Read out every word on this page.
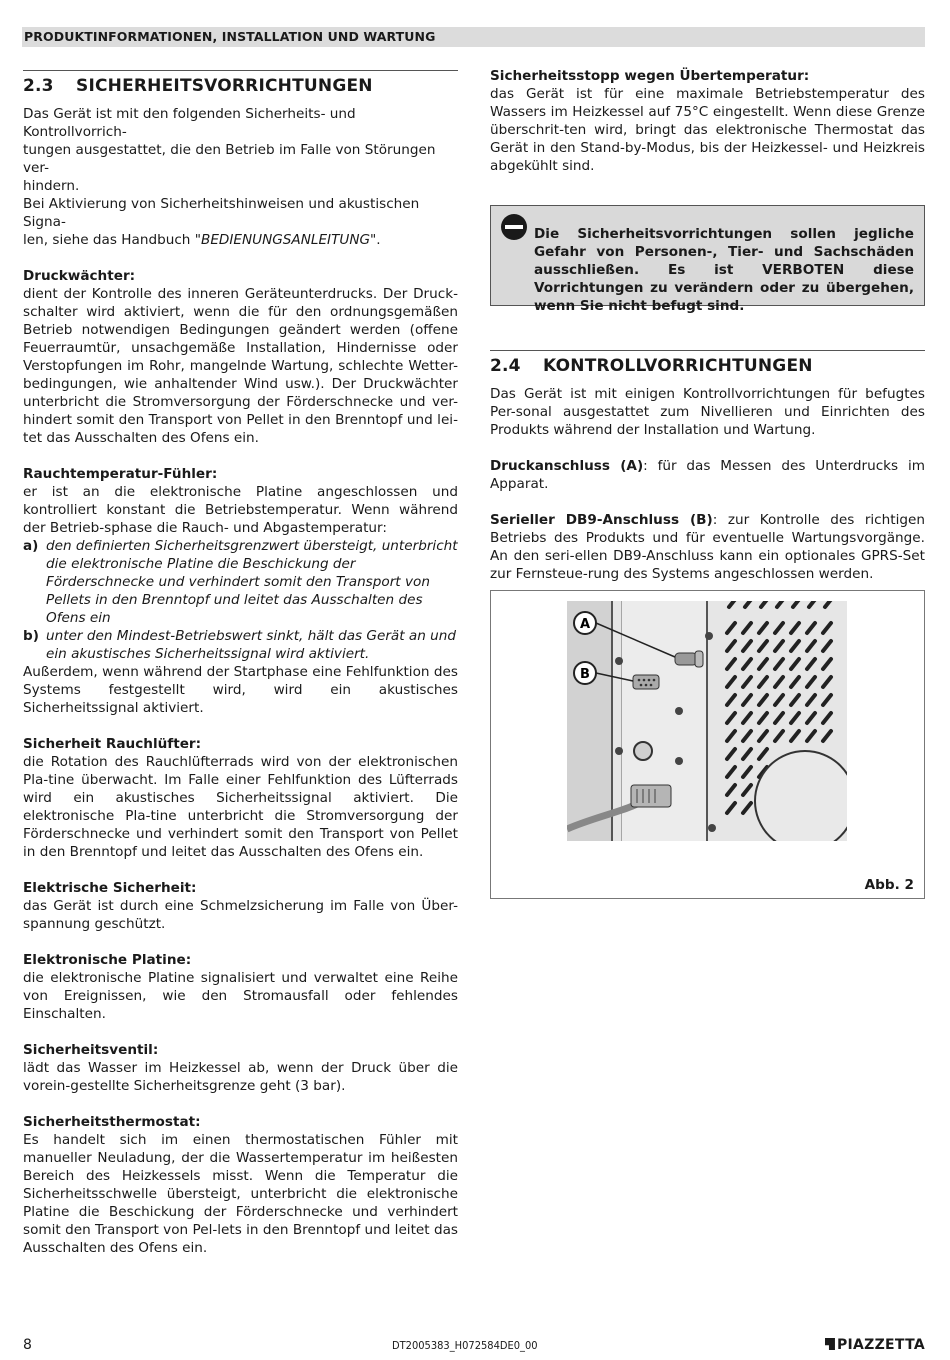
PRODUKTINFORMATIONEN, INSTALLATION UND WARTUNG
2.3 SICHERHEITSVORRICHTUNGEN

Das Gerät ist mit den folgenden Sicherheits- und Kontrollvorrich-

tungen ausgestattet, die den Betrieb im Falle von Störungen ver-

hindern.

Bei Aktivierung von Sicherheitshinweisen und akustischen Signa-

len, siehe das Handbuch "BEDIENUNGSANLEITUNG".

Druckwächter:

dient der Kontrolle des inneren Geräteunterdrucks. Der Druck-schalter wird aktiviert, wenn die für den ordnungsgemäßen Betrieb notwendigen Bedingungen geändert werden (offene Feuerraumtür, unsachgemäße Installation, Hindernisse oder Verstopfungen im Rohr, mangelnde Wartung, schlechte Wetter-bedingungen, wie anhaltender Wind usw.). Der Druckwächter unterbricht die Stromversorgung der Förderschnecke und ver-hindert somit den Transport von Pellet in den Brenntopf und lei-tet das Ausschalten des Ofens ein.

Rauchtemperatur-Fühler:

er ist an die elektronische Platine angeschlossen und kontrolliert konstant die Betriebstemperatur. Wenn während der Betrieb-sphase die Rauch- und Abgastemperatur:

a) den definierten Sicherheitsgrenzwert übersteigt, unterbricht die elektronische Platine die Beschickung der Förderschnecke und verhindert somit den Transport von Pellets in den Brenntopf und leitet das Ausschalten des Ofens ein
b) unter den Mindest-Betriebswert sinkt, hält das Gerät an und ein akustisches Sicherheitssignal wird aktiviert.

Außerdem, wenn während der Startphase eine Fehlfunktion des Systems festgestellt wird, wird ein akustisches Sicherheitssignal aktiviert.

Sicherheit Rauchlüfter:

die Rotation des Rauchlüfterrads wird von der elektronischen Pla-tine überwacht. Im Falle einer Fehlfunktion des Lüfterrads wird ein akustisches Sicherheitssignal aktiviert. Die elektronische Pla-tine unterbricht die Stromversorgung der Förderschnecke und verhindert somit den Transport von Pellet in den Brenntopf und leitet das Ausschalten des Ofens ein.

Elektrische Sicherheit:

das Gerät ist durch eine Schmelzsicherung im Falle von Über-spannung geschützt.

Elektronische Platine:

die elektronische Platine signalisiert und verwaltet eine Reihe von Ereignissen, wie den Stromausfall oder fehlendes Einschalten.

Sicherheitsventil:

lädt das Wasser im Heizkessel ab, wenn der Druck über die vorein-gestellte Sicherheitsgrenze geht (3 bar).

Sicherheitsthermostat:

Es handelt sich im einen thermostatischen Fühler mit manueller Neuladung, der die Wassertemperatur im heißesten Bereich des Heizkessels misst. Wenn die Temperatur die Sicherheitsschwelle übersteigt, unterbricht die elektronische Platine die Beschickung der Förderschnecke und verhindert somit den Transport von Pel-lets in den Brenntopf und leitet das Ausschalten des Ofens ein.

Sicherheitsstopp wegen Übertemperatur:

das Gerät ist für eine maximale Betriebstemperatur des Wassers im Heizkessel auf 75°C eingestellt. Wenn diese Grenze überschrit-ten wird, bringt das elektronische Thermostat das Gerät in den Stand-by-Modus, bis der Heizkessel- und Heizkreis abgekühlt sind.

Die Sicherheitsvorrichtungen sollen jegliche Gefahr von Personen-, Tier- und Sachschäden ausschließen. Es ist VERBOTEN diese Vorrichtungen zu verändern oder zu übergehen, wenn Sie nicht befugt sind.
2.4 KONTROLLVORRICHTUNGEN

Das Gerät ist mit einigen Kontrollvorrichtungen für befugtes Per-sonal ausgestattet zum Nivellieren und Einrichten des Produkts während der Installation und Wartung.

Druckanschluss (A): für das Messen des Unterdrucks im Apparat.

Serieller DB9-Anschluss (B): zur Kontrolle des richtigen Betriebs des Produkts und für eventuelle Wartungsvorgänge. An den seri-ellen DB9-Anschluss kann ein optionales GPRS-Set zur Fernsteue-rung des Systems angeschlossen werden.

A
B
Abb. 2
8	DT2005383_H072584DE0_00	PIAZZETTA
